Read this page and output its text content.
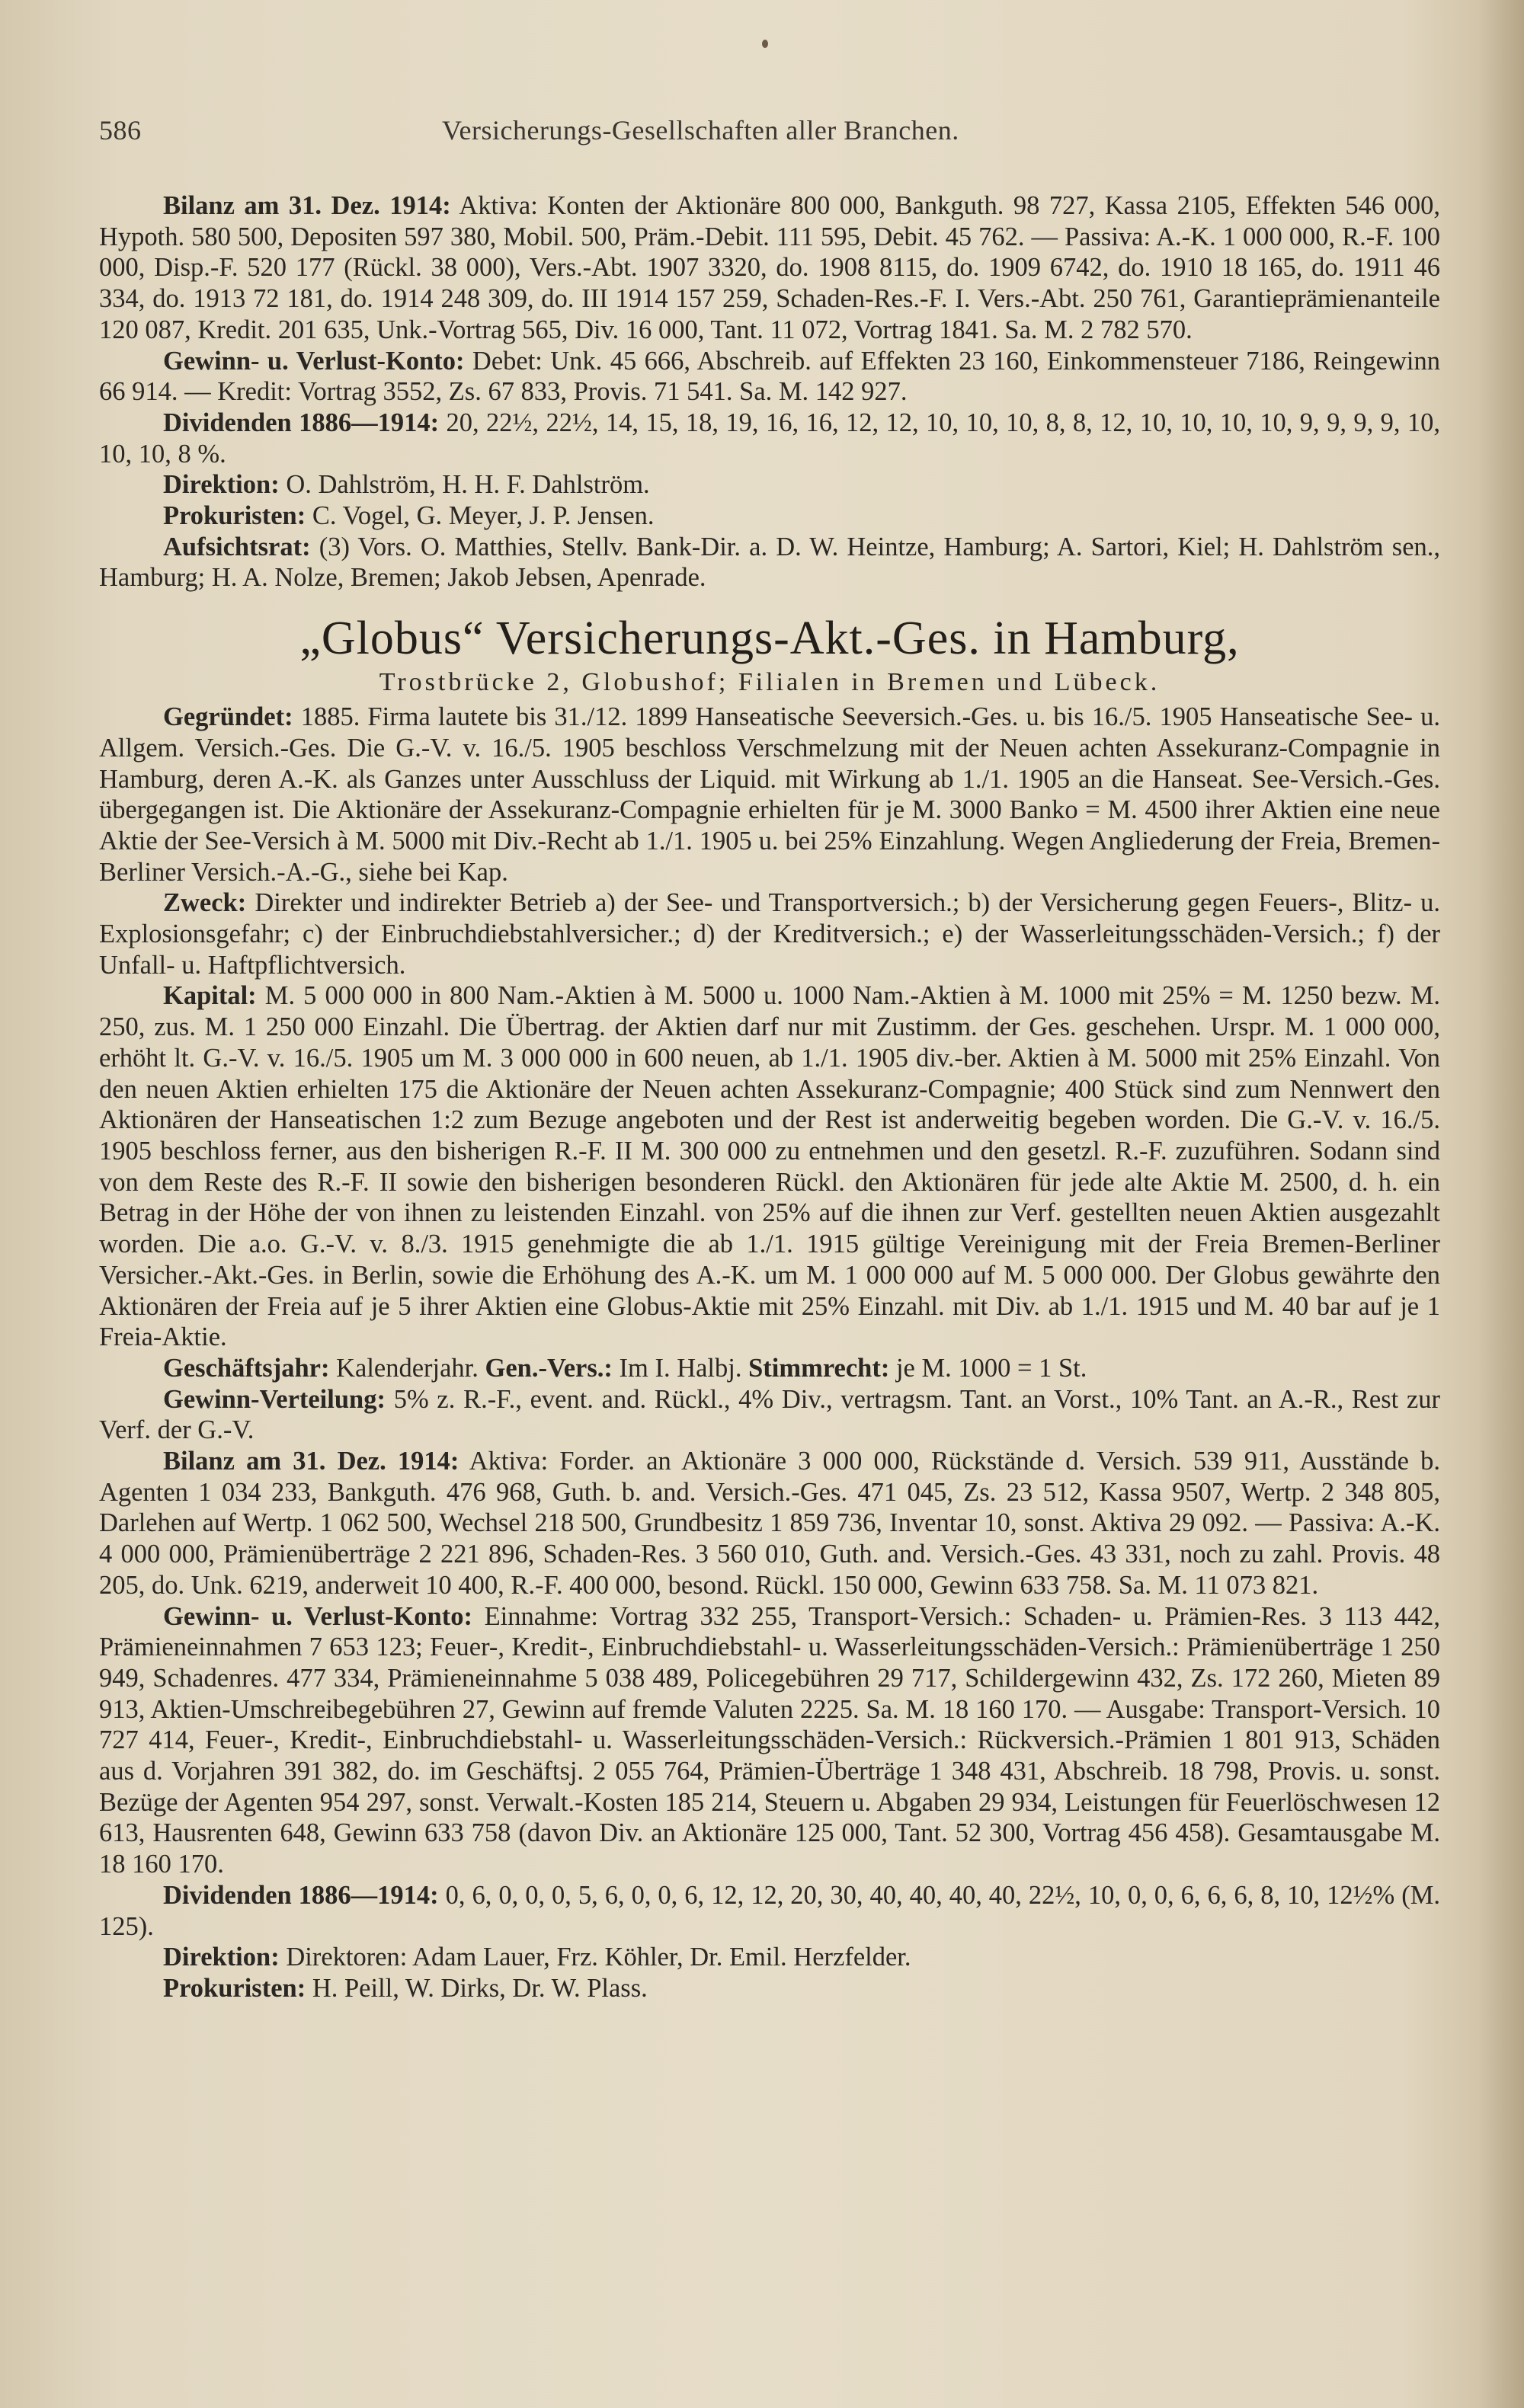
586	Versicherungs-Gesellschaften aller Branchen.

Bilanz am 31. Dez. 1914: Aktiva: Konten der Aktionäre 800 000, Bankguth. 98 727, Kassa 2105, Effekten 546 000, Hypoth. 580 500, Depositen 597 380, Mobil. 500, Präm.-Debit. 111 595, Debit. 45 762. — Passiva: A.-K. 1 000 000, R.-F. 100 000, Disp.-F. 520 177 (Rückl. 38 000), Vers.-Abt. 1907 3320, do. 1908 8115, do. 1909 6742, do. 1910 18 165, do. 1911 46 334, do. 1913 72 181, do. 1914 248 309, do. III 1914 157 259, Schaden-Res.-F. I. Vers.-Abt. 250 761, Garantieprämienanteile 120 087, Kredit. 201 635, Unk.-Vortrag 565, Div. 16 000, Tant. 11 072, Vortrag 1841. Sa. M. 2 782 570.

Gewinn- u. Verlust-Konto: Debet: Unk. 45 666, Abschreib. auf Effekten 23 160, Einkommensteuer 7186, Reingewinn 66 914. — Kredit: Vortrag 3552, Zs. 67 833, Provis. 71 541. Sa. M. 142 927.

Dividenden 1886—1914: 20, 22½, 22½, 14, 15, 18, 19, 16, 16, 12, 12, 10, 10, 10, 8, 8, 12, 10, 10, 10, 10, 9, 9, 9, 9, 10, 10, 10, 8 %.

Direktion: O. Dahlström, H. H. F. Dahlström.

Prokuristen: C. Vogel, G. Meyer, J. P. Jensen.

Aufsichtsrat: (3) Vors. O. Matthies, Stellv. Bank-Dir. a. D. W. Heintze, Hamburg; A. Sartori, Kiel; H. Dahlström sen., Hamburg; H. A. Nolze, Bremen; Jakob Jebsen, Apenrade.

„Globus“ Versicherungs-Akt.-Ges. in Hamburg,
Trostbrücke 2, Globushof; Filialen in Bremen und Lübeck.

Gegründet: 1885. Firma lautete bis 31./12. 1899 Hanseatische Seeversich.-Ges. u. bis 16./5. 1905 Hanseatische See- u. Allgem. Versich.-Ges. Die G.-V. v. 16./5. 1905 beschloss Verschmelzung mit der Neuen achten Assekuranz-Compagnie in Hamburg, deren A.-K. als Ganzes unter Ausschluss der Liquid. mit Wirkung ab 1./1. 1905 an die Hanseat. See-Versich.-Ges. übergegangen ist. Die Aktionäre der Assekuranz-Compagnie erhielten für je M. 3000 Banko = M. 4500 ihrer Aktien eine neue Aktie der See-Versich à M. 5000 mit Div.-Recht ab 1./1. 1905 u. bei 25% Einzahlung. Wegen Angliederung der Freia, Bremen-Berliner Versich.-A.-G., siehe bei Kap.

Zweck: Direkter und indirekter Betrieb a) der See- und Transportversich.; b) der Versicherung gegen Feuers-, Blitz- u. Explosionsgefahr; c) der Einbruchdiebstahlversicher.; d) der Kreditversich.; e) der Wasserleitungsschäden-Versich.; f) der Unfall- u. Haftpflichtversich.

Kapital: M. 5 000 000 in 800 Nam.-Aktien à M. 5000 u. 1000 Nam.-Aktien à M. 1000 mit 25% = M. 1250 bezw. M. 250, zus. M. 1 250 000 Einzahl. Die Übertrag. der Aktien darf nur mit Zustimm. der Ges. geschehen. Urspr. M. 1 000 000, erhöht lt. G.-V. v. 16./5. 1905 um M. 3 000 000 in 600 neuen, ab 1./1. 1905 div.-ber. Aktien à M. 5000 mit 25% Einzahl. Von den neuen Aktien erhielten 175 die Aktionäre der Neuen achten Assekuranz-Compagnie; 400 Stück sind zum Nennwert den Aktionären der Hanseatischen 1:2 zum Bezuge angeboten und der Rest ist anderweitig begeben worden. Die G.-V. v. 16./5. 1905 beschloss ferner, aus den bisherigen R.-F. II M. 300 000 zu entnehmen und den gesetzl. R.-F. zuzuführen. Sodann sind von dem Reste des R.-F. II sowie den bisherigen besonderen Rückl. den Aktionären für jede alte Aktie M. 2500, d. h. ein Betrag in der Höhe der von ihnen zu leistenden Einzahl. von 25% auf die ihnen zur Verf. gestellten neuen Aktien ausgezahlt worden. Die a.o. G.-V. v. 8./3. 1915 genehmigte die ab 1./1. 1915 gültige Vereinigung mit der Freia Bremen-Berliner Versicher.-Akt.-Ges. in Berlin, sowie die Erhöhung des A.-K. um M. 1 000 000 auf M. 5 000 000. Der Globus gewährte den Aktionären der Freia auf je 5 ihrer Aktien eine Globus-Aktie mit 25% Einzahl. mit Div. ab 1./1. 1915 und M. 40 bar auf je 1 Freia-Aktie.

Geschäftsjahr: Kalenderjahr. Gen.-Vers.: Im I. Halbj. Stimmrecht: je M. 1000 = 1 St.

Gewinn-Verteilung: 5% z. R.-F., event. and. Rückl., 4% Div., vertragsm. Tant. an Vorst., 10% Tant. an A.-R., Rest zur Verf. der G.-V.

Bilanz am 31. Dez. 1914: Aktiva: Forder. an Aktionäre 3 000 000, Rückstände d. Versich. 539 911, Ausstände b. Agenten 1 034 233, Bankguth. 476 968, Guth. b. and. Versich.-Ges. 471 045, Zs. 23 512, Kassa 9507, Wertp. 2 348 805, Darlehen auf Wertp. 1 062 500, Wechsel 218 500, Grundbesitz 1 859 736, Inventar 10, sonst. Aktiva 29 092. — Passiva: A.-K. 4 000 000, Prämienüberträge 2 221 896, Schaden-Res. 3 560 010, Guth. and. Versich.-Ges. 43 331, noch zu zahl. Provis. 48 205, do. Unk. 6219, anderweit 10 400, R.-F. 400 000, besond. Rückl. 150 000, Gewinn 633 758. Sa. M. 11 073 821.

Gewinn- u. Verlust-Konto: Einnahme: Vortrag 332 255, Transport-Versich.: Schaden- u. Prämien-Res. 3 113 442, Prämieneinnahmen 7 653 123; Feuer-, Kredit-, Einbruchdiebstahl- u. Wasserleitungsschäden-Versich.: Prämienüberträge 1 250 949, Schadenres. 477 334, Prämieneinnahme 5 038 489, Policegebühren 29 717, Schildergewinn 432, Zs. 172 260, Mieten 89 913, Aktien-Umschreibegebühren 27, Gewinn auf fremde Valuten 2225. Sa. M. 18 160 170. — Ausgabe: Transport-Versich. 10 727 414, Feuer-, Kredit-, Einbruchdiebstahl- u. Wasserleitungsschäden-Versich.: Rückversich.-Prämien 1 801 913, Schäden aus d. Vorjahren 391 382, do. im Geschäftsj. 2 055 764, Prämien-Überträge 1 348 431, Abschreib. 18 798, Provis. u. sonst. Bezüge der Agenten 954 297, sonst. Verwalt.-Kosten 185 214, Steuern u. Abgaben 29 934, Leistungen für Feuerlöschwesen 12 613, Hausrenten 648, Gewinn 633 758 (davon Div. an Aktionäre 125 000, Tant. 52 300, Vortrag 456 458). Gesamtausgabe M. 18 160 170.

Dividenden 1886—1914: 0, 6, 0, 0, 0, 5, 6, 0, 0, 6, 12, 12, 20, 30, 40, 40, 40, 40, 22½, 10, 0, 0, 6, 6, 6, 8, 10, 12½% (M. 125).

Direktion: Direktoren: Adam Lauer, Frz. Köhler, Dr. Emil. Herzfelder.

Prokuristen: H. Peill, W. Dirks, Dr. W. Plass.
